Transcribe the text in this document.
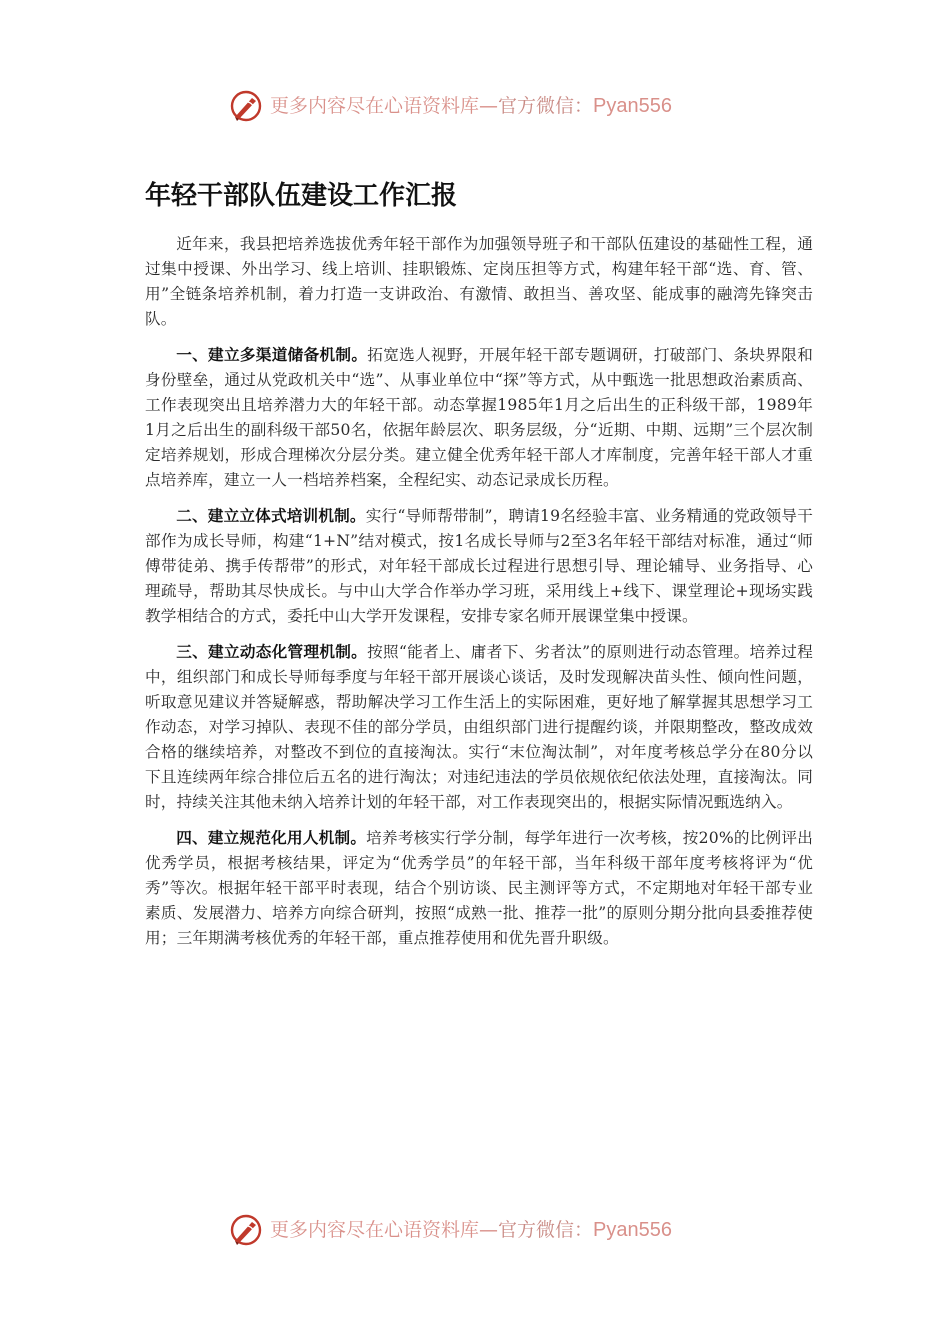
更多内容尽在心语资料库—官方微信：Pyan556
年轻干部队伍建设工作汇报

近年来，我县把培养选拔优秀年轻干部作为加强领导班子和干部队伍建设的基础性工程，通过集中授课、外出学习、线上培训、挂职锻炼、定岗压担等方式，构建年轻干部“选、育、管、用”全链条培养机制，着力打造一支讲政治、有激情、敢担当、善攻坚、能成事的融湾先锋突击队。

一、建立多渠道储备机制。拓宽选人视野，开展年轻干部专题调研，打破部门、条块界限和身份壁垒，通过从党政机关中“选”、从事业单位中“探”等方式，从中甄选一批思想政治素质高、工作表现突出且培养潜力大的年轻干部。动态掌握1985年1月之后出生的正科级干部，1989年1月之后出生的副科级干部50名，依据年龄层次、职务层级，分“近期、中期、远期”三个层次制定培养规划，形成合理梯次分层分类。建立健全优秀年轻干部人才库制度，完善年轻干部人才重点培养库，建立一人一档培养档案，全程纪实、动态记录成长历程。

二、建立立体式培训机制。实行“导师帮带制”，聘请19名经验丰富、业务精通的党政领导干部作为成长导师，构建“1+N”结对模式，按1名成长导师与2至3名年轻干部结对标准，通过“师傅带徒弟、携手传帮带”的形式，对年轻干部成长过程进行思想引导、理论辅导、业务指导、心理疏导，帮助其尽快成长。与中山大学合作举办学习班，采用线上+线下、课堂理论+现场实践教学相结合的方式，委托中山大学开发课程，安排专家名师开展课堂集中授课。

三、建立动态化管理机制。按照“能者上、庸者下、劣者汰”的原则进行动态管理。培养过程中，组织部门和成长导师每季度与年轻干部开展谈心谈话，及时发现解决苗头性、倾向性问题，听取意见建议并答疑解惑，帮助解决学习工作生活上的实际困难，更好地了解掌握其思想学习工作动态，对学习掉队、表现不佳的部分学员，由组织部门进行提醒约谈，并限期整改，整改成效合格的继续培养，对整改不到位的直接淘汰。实行“末位淘汰制”，对年度考核总学分在80分以下且连续两年综合排位后五名的进行淘汰；对违纪违法的学员依规依纪依法处理，直接淘汰。同时，持续关注其他未纳入培养计划的年轻干部，对工作表现突出的，根据实际情况甄选纳入。

四、建立规范化用人机制。培养考核实行学分制，每学年进行一次考核，按20%的比例评出优秀学员，根据考核结果，评定为“优秀学员”的年轻干部，当年科级干部年度考核将评为“优秀”等次。根据年轻干部平时表现，结合个别访谈、民主测评等方式，不定期地对年轻干部专业素质、发展潜力、培养方向综合研判，按照“成熟一批、推荐一批”的原则分期分批向县委推荐使用；三年期满考核优秀的年轻干部，重点推荐使用和优先晋升职级。

更多内容尽在心语资料库—官方微信：Pyan556
